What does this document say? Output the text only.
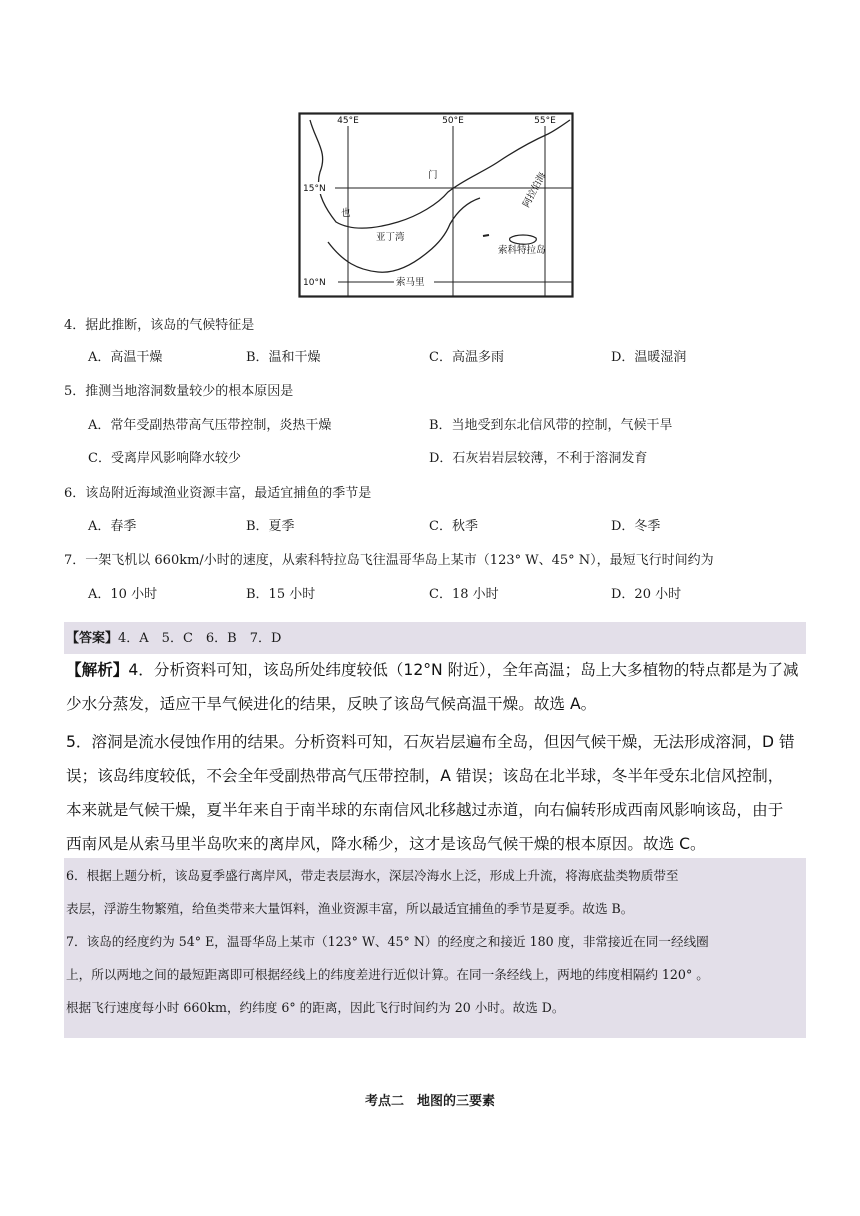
45°E	50°E	55°E
15°N
10°N
也
门	阿拉伯海
亚丁湾
索科特拉岛
索马里
4．据此推断，该岛的气候特征是
A．高温干燥	B．温和干燥	C．高温多雨	D．温暖湿润
5．推测当地溶洞数量较少的根本原因是
A．常年受副热带高气压带控制，炎热干燥	B．当地受到东北信风带的控制，气候干旱
C．受离岸风影响降水较少	D．石灰岩岩层较薄，不利于溶洞发育
6．该岛附近海域渔业资源丰富，最适宜捕鱼的季节是
A．春季	B．夏季	C．秋季	D．冬季
7．一架飞机以 660km/小时的速度，从索科特拉岛飞往温哥华岛上某市（123° W、45° N），最短飞行时间约为
A．10 小时	B．15 小时	C．18 小时	D．20 小时
【答案】4．A　5．C　6．B　7．D
【解析】4．分析资料可知，该岛所处纬度较低（12°N 附近），全年高温；岛上大多植物的特点都是为了减
少水分蒸发，适应干旱气候进化的结果，反映了该岛气候高温干燥。故选 A。
5．溶洞是流水侵蚀作用的结果。分析资料可知，石灰岩层遍布全岛，但因气候干燥，无法形成溶洞，D 错
误；该岛纬度较低，不会全年受副热带高气压带控制，A 错误；该岛在北半球，冬半年受东北信风控制，
本来就是气候干燥，夏半年来自于南半球的东南信风北移越过赤道，向右偏转形成西南风影响该岛，由于
西南风是从索马里半岛吹来的离岸风，降水稀少，这才是该岛气候干燥的根本原因。故选 C。
6．根据上题分析，该岛夏季盛行离岸风，带走表层海水，深层冷海水上泛，形成上升流，将海底盐类物质带至
表层，浮游生物繁殖，给鱼类带来大量饵料，渔业资源丰富，所以最适宜捕鱼的季节是夏季。故选 B。
7．该岛的经度约为 54° E，温哥华岛上某市（123° W、45° N）的经度之和接近 180 度，非常接近在同一经线圈
上，所以两地之间的最短距离即可根据经线上的纬度差进行近似计算。在同一条经线上，两地的纬度相隔约 120° 。
根据飞行速度每小时 660km，约纬度 6° 的距离，因此飞行时间约为 20 小时。故选 D。
考点二　地图的三要素
